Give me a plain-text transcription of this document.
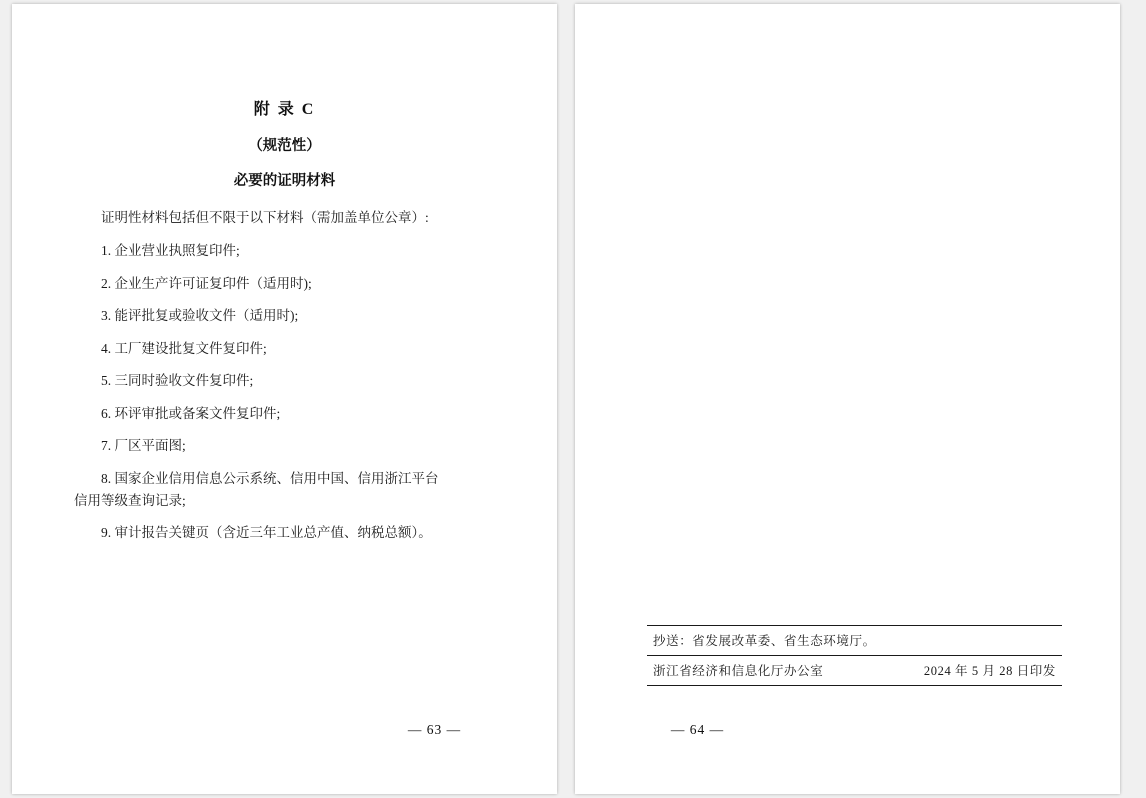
附 录 C
（规范性）
必要的证明材料
证明性材料包括但不限于以下材料（需加盖单位公章）:
1. 企业营业执照复印件;
2. 企业生产许可证复印件（适用时);
3. 能评批复或验收文件（适用时);
4. 工厂建设批复文件复印件;
5. 三同时验收文件复印件;
6. 环评审批或备案文件复印件;
7. 厂区平面图;
8. 国家企业信用信息公示系统、信用中国、信用浙江平台
信用等级查询记录;
9. 审计报告关键页（含近三年工业总产值、纳税总额）。
— 63 —
抄送：省发展改革委、省生态环境厅。
浙江省经济和信息化厅办公室	2024 年 5 月 28 日印发
— 64 —
